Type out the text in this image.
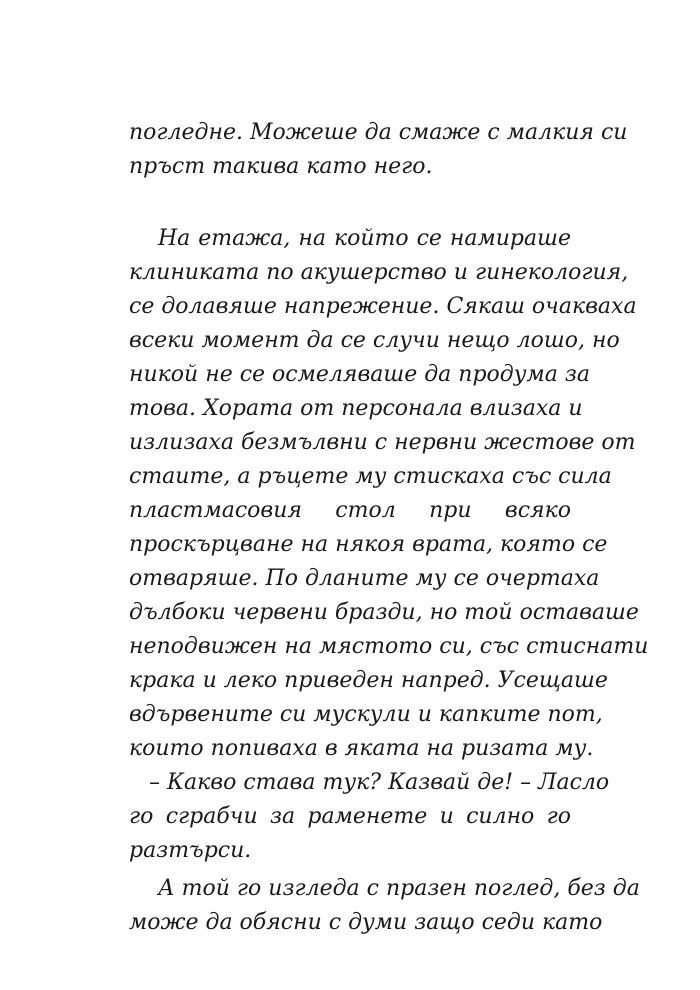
погледне. Можеше да смаже с малкия си
пръст такива като него.
На етажа, на който се намираше
клиниката по акушерство и гинекология,
се долавяше напрежение. Сякаш очакваха
всеки момент да се случи нещо лошо, но
никой не се осмеляваше да продума за
това. Хората от персонала влизаха и
излизаха безмълвни с нервни жестове от
стаите, а ръцете му стискаха със сила
пластмасовия стол при всяко
проскърцване на някоя врата, която се
отваряше. По дланите му се очертаха
дълбоки червени бразди, но той оставаше
неподвижен на мястото си, със стиснати
крака и леко приведен напред. Усещаше
вдървените си мускули и капките пот,
които попиваха в яката на ризата му.
– Какво става тук? Казвай де! – Ласло
го сграбчи за раменете и силно го
разтърси.
А той го изгледа с празен поглед, без да
може да обясни с думи защо седи като
